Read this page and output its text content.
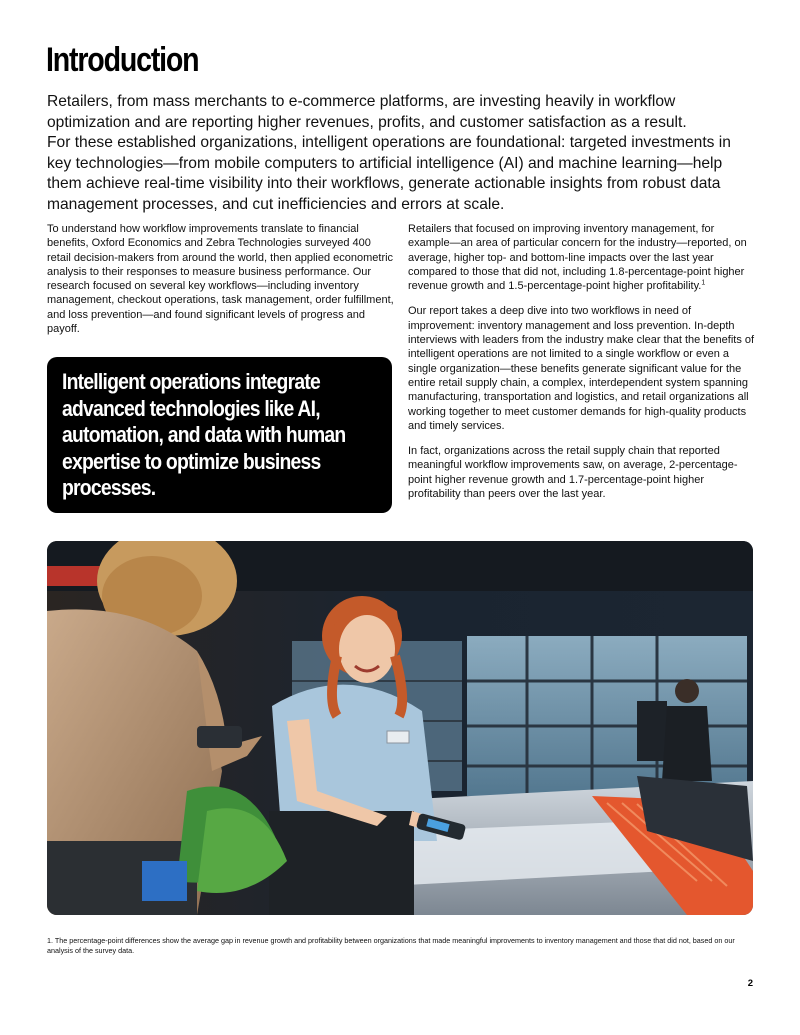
Introduction

Retailers, from mass merchants to e-commerce platforms, are investing heavily in workflow optimization and are reporting higher revenues, profits, and customer satisfaction as a result.

For these established organizations, intelligent operations are foundational: targeted investments in key technologies—from mobile computers to artificial intelligence (AI) and machine learning—help them achieve real-time visibility into their workflows, generate actionable insights from robust data management processes, and cut inefficiencies and errors at scale.

To understand how workflow improvements translate to financial benefits, Oxford Economics and Zebra Technologies surveyed 400 retail decision-makers from around the world, then applied econometric analysis to their responses to measure business performance. Our research focused on several key workflows—including inventory management, checkout operations, task management, order fulfillment, and loss prevention—and found significant levels of progress and payoff.

Intelligent operations integrate advanced technologies like AI, automation, and data with human expertise to optimize business processes.

Retailers that focused on improving inventory management, for example—an area of particular concern for the industry—reported, on average, higher top- and bottom-line impacts over the last year compared to those that did not, including 1.8-percentage-point higher revenue growth and 1.5-percentage-point higher profitability.$^1$

Our report takes a deep dive into two workflows in need of improvement: inventory management and loss prevention. In-depth interviews with leaders from the industry make clear that the benefits of intelligent operations are not limited to a single workflow or even a single organization—these benefits generate significant value for the entire retail supply chain, a complex, interdependent system spanning manufacturing, transportation and logistics, and retail organizations all working together to meet customer demands for high-quality products and timely services.

In fact, organizations across the retail supply chain that reported meaningful workflow improvements saw, on average, 2-percentage-point higher revenue growth and 1.7-percentage-point higher profitability than peers over the last year.

1. The percentage-point differences show the average gap in revenue growth and profitability between organizations that made meaningful improvements to inventory management and those that did not, based on our analysis of the survey data.
2
